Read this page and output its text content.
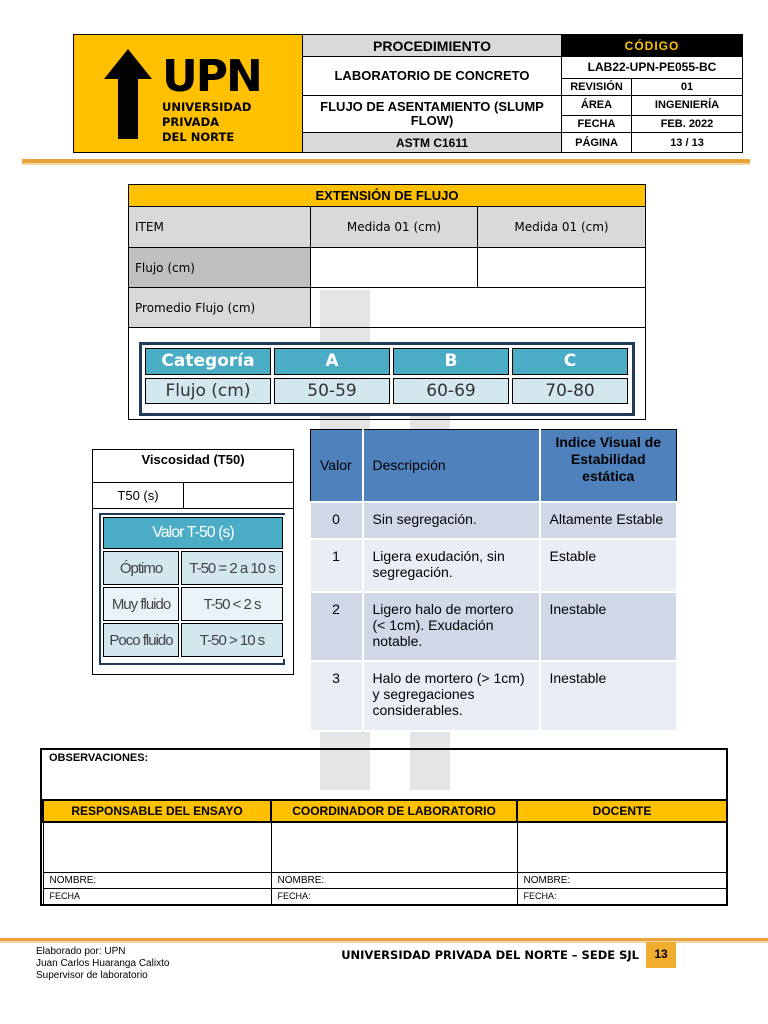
UPN
UNIVERSIDAD
PRIVADA
DEL NORTE	PROCEDIMIENTO	CÓDIGO	
	LABORATORIO DE CONCRETO	LAB22-UPN-PE055-BC	
		REVISIÓN	01
	FLUJO DE ASENTAMIENTO (SLUMP FLOW)	ÁREA	INGENIERÍA
		FECHA	FEB. 2022
	ASTM C1611	PÁGINA	13 / 13
EXTENSIÓN DE FLUJO
ITEM	Medida 01 (cm)	Medida 01 (cm)
Flujo (cm)		
Promedio Flujo (cm)	

Categoría	A	B	C
Flujo (cm)	50-59	60-69	70-80
Viscosidad (T50)
T50 (s)	

Valor T-50 (s)
Óptimo	T-50 = 2 a 10 s
Muy fluido	T-50 < 2 s
Poco fluido	T-50 > 10 s
Valor	Descripción	Indice Visual de Estabilidad estática
0	Sin segregación.	Altamente Estable
1	Ligera exudación, sin segregación.	Estable
2	Ligero halo de mortero (< 1cm). Exudación notable.	Inestable
3	Halo de mortero (> 1cm) y segregaciones considerables.	Inestable
OBSERVACIONES:		
RESPONSABLE DEL ENSAYO	COORDINADOR DE LABORATORIO	DOCENTE

NOMBRE:	NOMBRE:	NOMBRE:
FECHA	FECHA:	FECHA:
Elaborado por: UPN
Juan Carlos Huaranga Calixto
Supervisor de laboratorio
UNIVERSIDAD PRIVADA DEL NORTE – SEDE SJL	13
